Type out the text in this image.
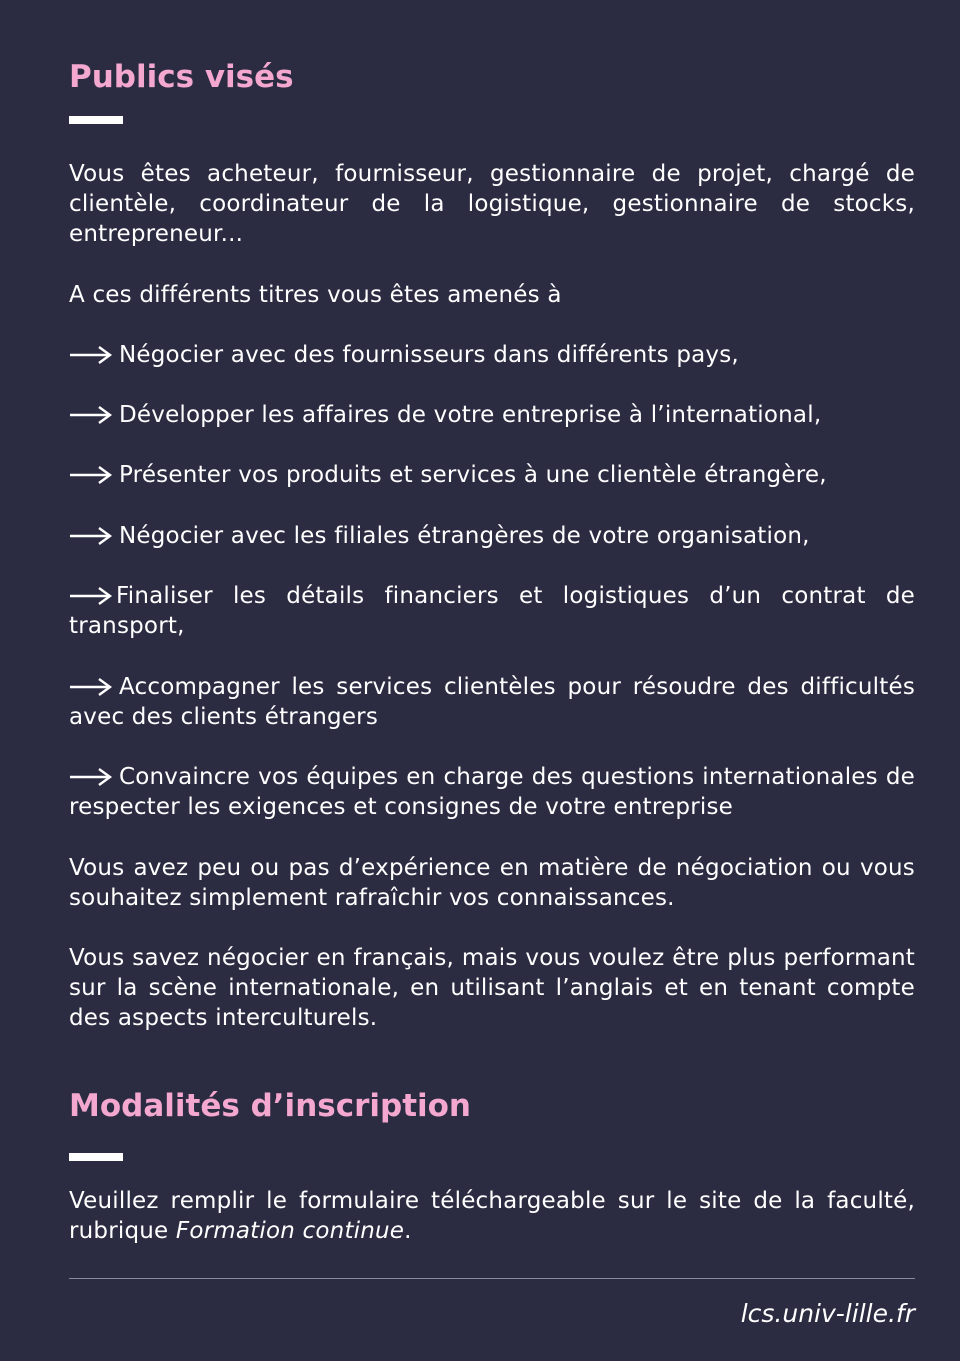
Publics visés

Vous êtes acheteur, fournisseur, gestionnaire de projet, chargé de clientèle, coordinateur de la logistique, gestionnaire de stocks, entrepreneur...

A ces différents titres vous êtes amenés à

Négocier avec des fournisseurs dans différents pays,

Développer les affaires de votre entreprise à l’international,

Présenter vos produits et services à une clientèle étrangère,

Négocier avec les filiales étrangères de votre organisation,

Finaliser les détails financiers et logistiques d’un contrat de transport,

Accompagner les services clientèles pour résoudre des difficultés avec des clients étrangers

Convaincre vos équipes en charge des questions internationales de respecter les exigences et consignes de votre entreprise

Vous avez peu ou pas d’expérience en matière de négociation ou vous souhaitez simplement rafraîchir vos connaissances.

Vous savez négocier en français, mais vous voulez être plus performant sur la scène internationale, en utilisant l’anglais et en tenant compte des aspects interculturels.

Modalités d’inscription

Veuillez remplir le formulaire téléchargeable sur le site de la faculté, rubrique Formation continue.

lcs.univ-lille.fr
